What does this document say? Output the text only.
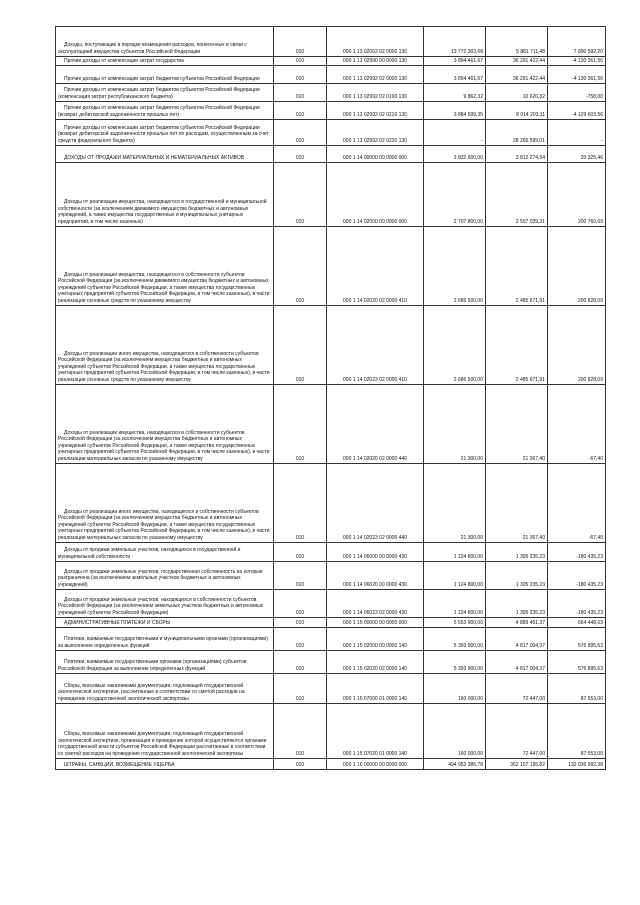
Доходы, поступающие в порядке возмещения расходов, понесенных в связи с эксплуатацией имущества субъектов Российской Федерации	010	000 1 13 02062 02 0000 130	13 772 303,68	5 881 711,48	7 890 592,20
Прочие доходы от компенсации затрат государства	010	000 1 13 02990 00 0000 130	3 894 461,67	36 291 422,44	-4 130 361,56
Прочие доходы от компенсации затрат бюджетов субъектов Российской Федерации	010	000 1 13 02992 02 0000 130	3 894 461,67	36 291 422,44	-4 130 361,56
Прочие доходы от компенсации затрат бюджетов субъектов Российской Федерации (компенсация затрат республиканского бюджета)	010	000 1 13 02992 02 0190 130	9 862,32	10 620,32	-758,00
Прочие доходы от компенсации затрат бюджетов субъектов Российской Федерации (возврат дебиторской задолженности прошлых лет)	010	000 1 13 02992 02 0210 130	3 884 599,35	8 014 203,11	-4 129 603,56
Прочие доходы от компенсации затрат бюджетов субъектов Российской Федерации (возврат дебиторской задолженности прошлых лет по расходам, осуществленным за счет средств федерального бюджета)	010	000 1 13 02992 02 0220 130	-	28 266 599,01	-
ДОХОДЫ ОТ ПРОДАЖИ МАТЕРИАЛЬНЫХ И НЕМАТЕРИАЛЬНЫХ АКТИВОВ	010	000 1 14 00000 00 0000 000	3 832 600,00	3 812 274,54	20 325,46
Доходы от реализации имущества, находящегося в государственной и муниципальной собственности (за исключением движимого имущества бюджетных и автономных учреждений, а также имущества государственных и муниципальных унитарных предприятий, в том числе казенных)	010	000 1 14 02000 00 0000 000	2 707 800,00	2 507 039,31	200 760,69
Доходы от реализации имущества, находящегося в собственности субъектов Российской Федерации (за исключением движимого имущества бюджетных и автономных учреждений субъектов Российской Федерации, а также имущества государственных унитарных предприятий субъектов Российской Федерации, в том числе казенных), в части реализации основных средств по указанному имуществу	010	000 1 14 02020 02 0000 410	2 686 500,00	2 485 671,91	200 828,09
Доходы от реализации иного имущества, находящегося в собственности субъектов Российской Федерации (за исключением имущества бюджетных и автономных учреждений субъектов Российской Федерации, а также имущества государственных унитарных предприятий субъектов Российской Федерации, в том числе казенных), в части реализации основных средств по указанному имуществу	010	000 1 14 02023 02 0000 410	2 686 500,00	2 485 671,91	200 828,09
Доходы от реализации имущества, находящегося в собственности субъектов Российской Федерации (за исключением имущества бюджетных и автономных учреждений субъектов Российской Федерации, а также имущества государственных унитарных предприятий субъектов Российской Федерации, в том числе казенных), в части реализации материальных запасов по указанному имуществу	010	000 1 14 02020 02 0000 440	21 300,00	21 367,40	-67,40
Доходы от реализации иного имущества, находящегося в собственности субъектов Российской Федерации (за исключением имущества бюджетных и автономных учреждений субъектов Российской Федерации, а также имущества государственных унитарных предприятий субъектов Российской Федерации, в том числе казенных), в части реализации материальных запасов по указанному имуществу	010	000 1 14 02023 02 0000 440	21 300,00	21 367,40	-67,40
Доходы от продажи земельных участков, находящихся в государственной и муниципальной собственности	010	000 1 14 06000 00 0000 430	1 124 800,00	1 305 235,23	-180 435,23
Доходы от продажи земельных участков, государственная собственность на которые разграничена (за исключением земельных участков бюджетных и автономных учреждений)	010	000 1 14 06020 00 0000 430	1 124 800,00	1 305 235,23	-180 435,23
Доходы от продажи земельных участков, находящихся в собственности субъектов Российской Федерации (за исключением земельных участков бюджетных и автономных учреждений субъектов Российской Федерации)	010	000 1 14 06022 02 0000 430	1 124 800,00	1 305 235,23	-180 435,23
АДМИНИСТРАТИВНЫЕ ПЛАТЕЖИ И СБОРЫ	010	000 1 15 00000 00 0000 000	5 553 900,00	4 889 451,37	664 448,63
Платежи, взимаемые государственными и муниципальными органами (организациями) за выполнение определенных функций	010	000 1 15 02000 00 0000 140	5 393 900,00	4 817 004,37	576 895,63
Платежи, взимаемые государственными органами (организациями) субъектов Российской Федерации за выполнение определенных функций	010	000 1 15 02020 02 0000 140	5 393 900,00	4 817 004,37	576 895,63
Сборы, вносимые заказчиками документации, подлежащей государственной экологической экспертизе, рассчитанные в соответствии со сметой расходов на проведение государственной экологической экспертизы	010	000 1 15 07000 01 0000 140	160 000,00	72 447,00	87 553,00
Сборы, вносимые заказчиками документации, подлежащей государственной экологической экспертизе, организация и проведение которой осуществляются органами государственной власти субъектов Российской Федерации рассчитанные в соответствии со сметой расходов на проведение государственной экологической экспертизы	010	000 1 15 07020 01 0000 140	160 000,00	72 447,00	87 553,00
ШТРАФЫ, САНКЦИИ, ВОЗМЕЩЕНИЕ УЩЕРБА	010	000 1 16 00000 00 0000 000	494 953 385,78	362 107 195,82	132 936 992,38
